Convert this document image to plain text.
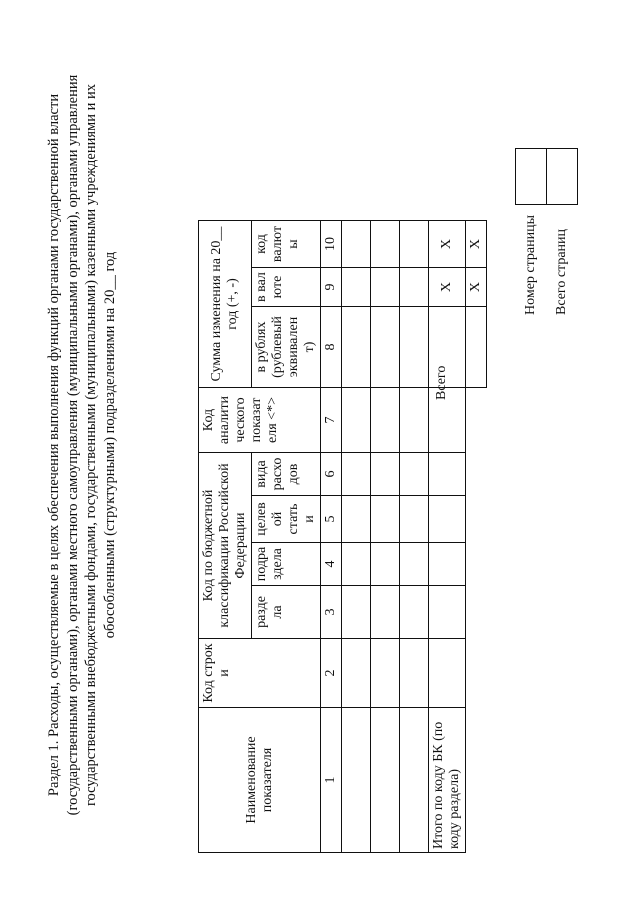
Раздел 1. Расходы, осуществляемые в целях обеспечения выполнения функций органами государственной власти (государственными органами), органами местного самоуправления (муниципальными органами), органами управления государственными внебюджетными фондами, государственными (муниципальными) казенными учреждениями и их обособленными (структурными) подразделениями на 20__ год
Наименование показателя	Код строк и	Код по бюджетной классификации Российской Федерации				Код аналити ческого показат еля <*>	Сумма изменения на 20__ год (+, -)		
		разде ла	подра здела	целев ой стать и	вида расхо дов		в рублях (рублевый эквивален т)	в вал юте	код валют ы
1	2	3	4	5	6	7	8	9	10

Итого по коду БК (по коду раздела)								X	X
								X	X
Всего
Номер страницы	
Всего страниц	
